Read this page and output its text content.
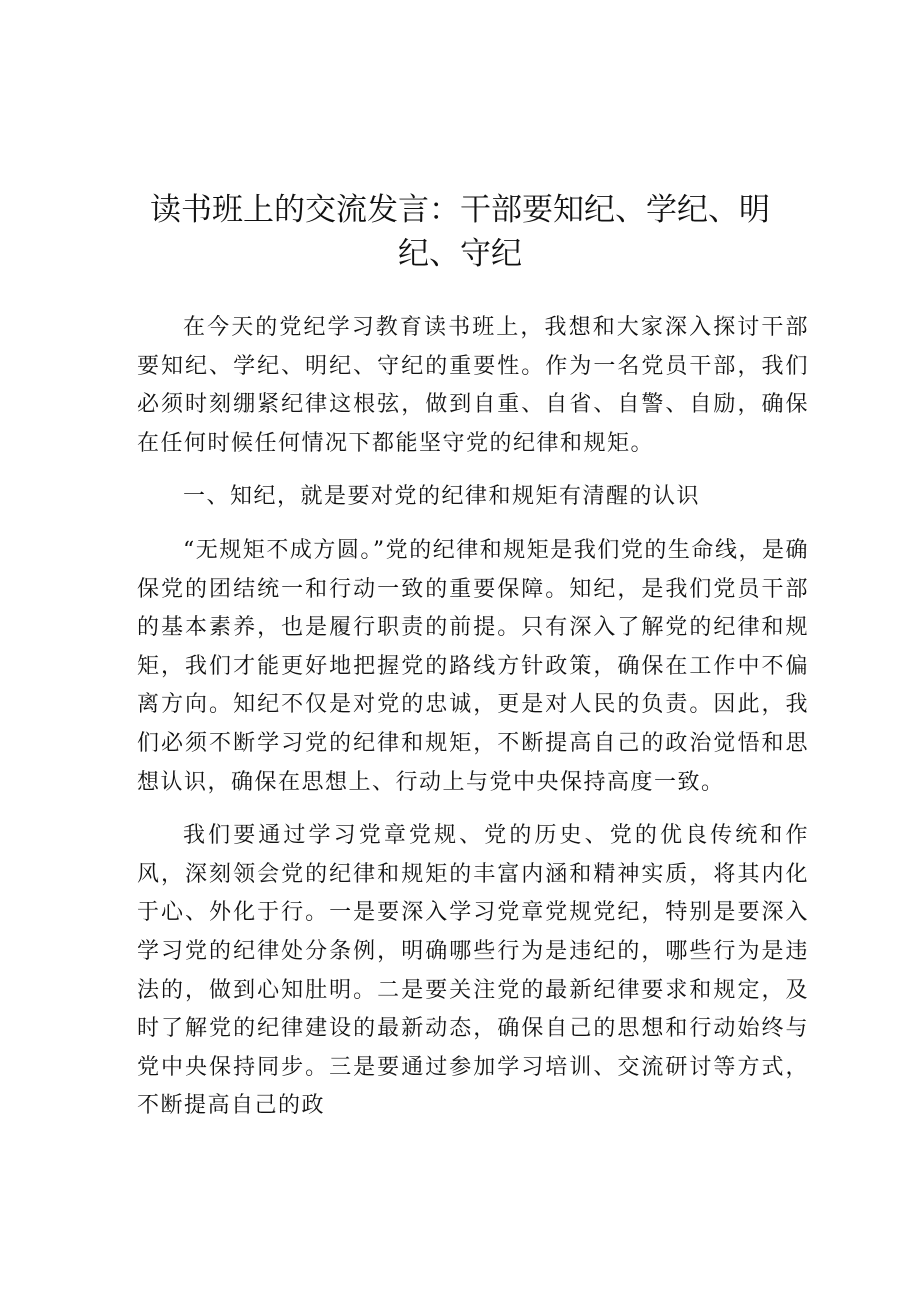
读书班上的交流发言：干部要知纪、学纪、明纪、守纪

在今天的党纪学习教育读书班上，我想和大家深入探讨干部要知纪、学纪、明纪、守纪的重要性。作为一名党员干部，我们必须时刻绷紧纪律这根弦，做到自重、自省、自警、自励，确保在任何时候任何情况下都能坚守党的纪律和规矩。

一、知纪，就是要对党的纪律和规矩有清醒的认识

“无规矩不成方圆。”党的纪律和规矩是我们党的生命线，是确保党的团结统一和行动一致的重要保障。知纪，是我们党员干部的基本素养，也是履行职责的前提。只有深入了解党的纪律和规矩，我们才能更好地把握党的路线方针政策，确保在工作中不偏离方向。知纪不仅是对党的忠诚，更是对人民的负责。因此，我们必须不断学习党的纪律和规矩，不断提高自己的政治觉悟和思想认识，确保在思想上、行动上与党中央保持高度一致。

我们要通过学习党章党规、党的历史、党的优良传统和作风，深刻领会党的纪律和规矩的丰富内涵和精神实质，将其内化于心、外化于行。一是要深入学习党章党规党纪，特别是要深入学习党的纪律处分条例，明确哪些行为是违纪的，哪些行为是违法的，做到心知肚明。二是要关注党的最新纪律要求和规定，及时了解党的纪律建设的最新动态，确保自己的思想和行动始终与党中央保持同步。三是要通过参加学习培训、交流研讨等方式，不断提高自己的政
